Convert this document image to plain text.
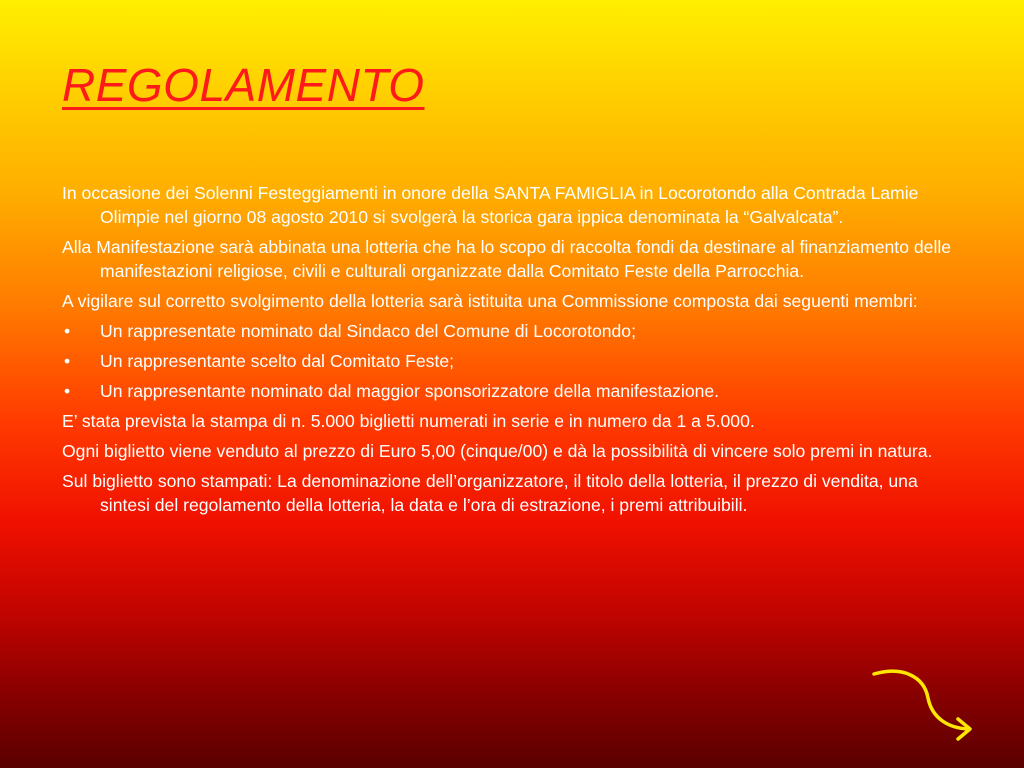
REGOLAMENTO

In occasione dei Solenni Festeggiamenti in onore della SANTA FAMIGLIA in Locorotondo alla Contrada Lamie Olimpie nel giorno 08 agosto 2010 si svolgerà la storica gara ippica denominata la “Galvalcata”.

Alla Manifestazione sarà abbinata una lotteria che ha lo scopo di raccolta fondi da destinare al finanziamento delle manifestazioni religiose, civili e culturali organizzate dalla Comitato Feste della Parrocchia.

A vigilare sul corretto svolgimento della lotteria sarà istituita una Commissione composta dai seguenti membri:

• Un rappresentate nominato dal Sindaco del Comune di Locorotondo;
• Un rappresentante scelto dal Comitato Feste;
• Un rappresentante nominato dal maggior sponsorizzatore della manifestazione.

E’ stata prevista la stampa di n. 5.000 biglietti numerati in serie e in numero da 1 a 5.000.

Ogni biglietto viene venduto al prezzo di Euro 5,00 (cinque/00) e dà la possibilità di vincere solo premi in natura.

Sul biglietto sono stampati: La denominazione dell’organizzatore, il titolo della lotteria, il prezzo di vendita, una sintesi del regolamento della lotteria, la data e l’ora di estrazione, i premi attribuibili.
